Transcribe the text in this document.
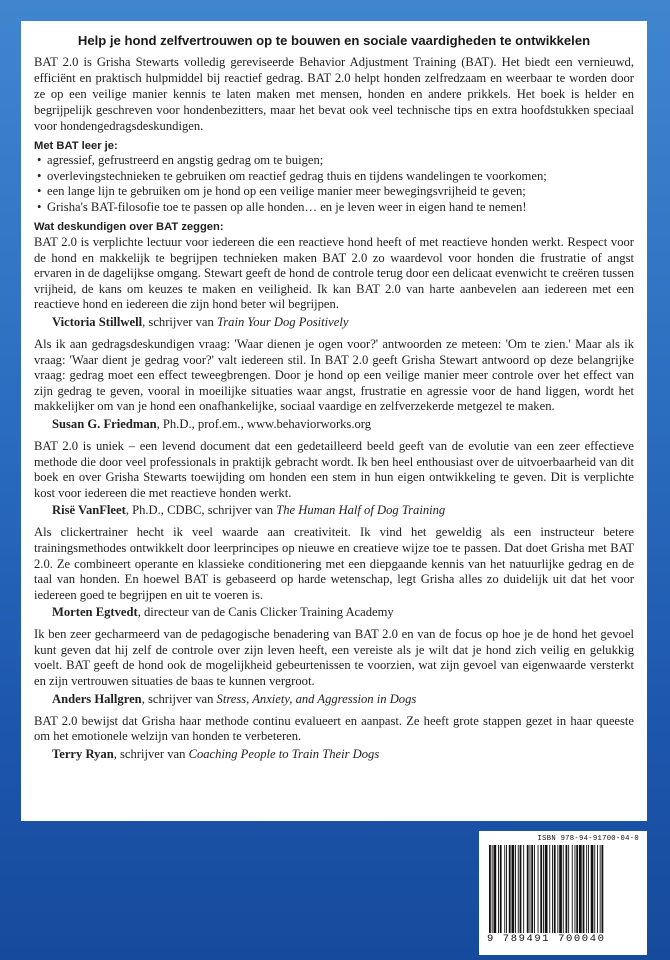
Help je hond zelfvertrouwen op te bouwen en sociale vaardigheden te ontwikkelen

BAT 2.0 is Grisha Stewarts volledig gereviseerde Behavior Adjustment Training (BAT). Het biedt een vernieuwd, efficiënt en praktisch hulpmiddel bij reactief gedrag. BAT 2.0 helpt honden zelfredzaam en weerbaar te worden door ze op een veilige manier kennis te laten maken met mensen, honden en andere prikkels. Het boek is helder en begrijpelijk geschreven voor hondenbezitters, maar het bevat ook veel technische tips en extra hoofdstukken speciaal voor hondengedragsdeskundigen.

Met BAT leer je:
• agressief, gefrustreerd en angstig gedrag om te buigen;
• overlevingstechnieken te gebruiken om reactief gedrag thuis en tijdens wandelingen te voorkomen;
• een lange lijn te gebruiken om je hond op een veilige manier meer bewegingsvrijheid te geven;
• Grisha's BAT-filosofie toe te passen op alle honden… en je leven weer in eigen hand te nemen!
Wat deskundigen over BAT zeggen:

BAT 2.0 is verplichte lectuur voor iedereen die een reactieve hond heeft of met reactieve honden werkt. Respect voor de hond en makkelijk te begrijpen technieken maken BAT 2.0 zo waardevol voor honden die frustratie of angst ervaren in de dagelijkse omgang. Stewart geeft de hond de controle terug door een delicaat evenwicht te creëren tussen vrijheid, de kans om keuzes te maken en veiligheid. Ik kan BAT 2.0 van harte aanbevelen aan iedereen met een reactieve hond en iedereen die zijn hond beter wil begrijpen.

Victoria Stillwell, schrijver van Train Your Dog Positively

Als ik aan gedragsdeskundigen vraag: 'Waar dienen je ogen voor?' antwoorden ze meteen: 'Om te zien.' Maar als ik vraag: 'Waar dient je gedrag voor?' valt iedereen stil. In BAT 2.0 geeft Grisha Stewart antwoord op deze belangrijke vraag: gedrag moet een effect teweegbrengen. Door je hond op een veilige manier meer controle over het effect van zijn gedrag te geven, vooral in moeilijke situaties waar angst, frustratie en agressie voor de hand liggen, wordt het makkelijker om van je hond een onafhankelijke, sociaal vaardige en zelfverzekerde metgezel te maken.

Susan G. Friedman, Ph.D., prof.em., www.behaviorworks.org

BAT 2.0 is uniek – een levend document dat een gedetailleerd beeld geeft van de evolutie van een zeer effectieve methode die door veel professionals in praktijk gebracht wordt. Ik ben heel enthousiast over de uitvoerbaarheid van dit boek en over Grisha Stewarts toewijding om honden een stem in hun eigen ontwikkeling te geven. Dit is verplichte kost voor iedereen die met reactieve honden werkt.

Risë VanFleet, Ph.D., CDBC, schrijver van The Human Half of Dog Training

Als clickertrainer hecht ik veel waarde aan creativiteit. Ik vind het geweldig als een instructeur betere trainingsmethodes ontwikkelt door leerprincipes op nieuwe en creatieve wijze toe te passen. Dat doet Grisha met BAT 2.0. Ze combineert operante en klassieke conditionering met een diepgaande kennis van het natuurlijke gedrag en de taal van honden. En hoewel BAT is gebaseerd op harde wetenschap, legt Grisha alles zo duidelijk uit dat het voor iedereen goed te begrijpen en uit te voeren is.

Morten Egtvedt, directeur van de Canis Clicker Training Academy

Ik ben zeer gecharmeerd van de pedagogische benadering van BAT 2.0 en van de focus op hoe je de hond het gevoel kunt geven dat hij zelf de controle over zijn leven heeft, een vereiste als je wilt dat je hond zich veilig en gelukkig voelt. BAT geeft de hond ook de mogelijkheid gebeurtenissen te voorzien, wat zijn gevoel van eigenwaarde versterkt en zijn vertrouwen situaties de baas te kunnen vergroot.

Anders Hallgren, schrijver van Stress, Anxiety, and Aggression in Dogs

BAT 2.0 bewijst dat Grisha haar methode continu evalueert en aanpast. Ze heeft grote stappen gezet in haar queeste om het emotionele welzijn van honden te verbeteren.

Terry Ryan, schrijver van Coaching People to Train Their Dogs
ISBN 978-94-91700-04-0
9 789491 700040
